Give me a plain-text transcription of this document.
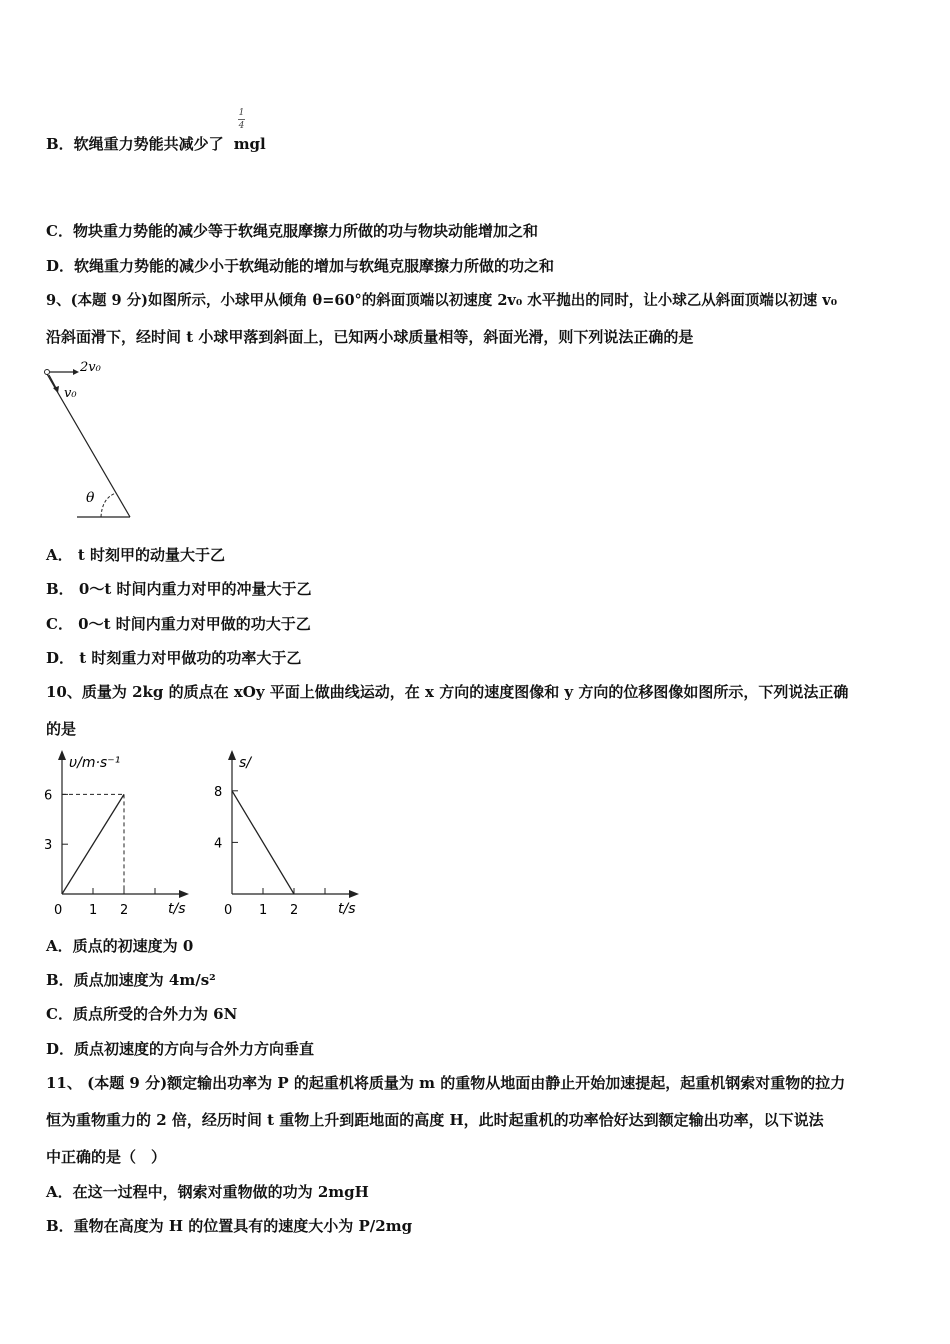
B．软绳重力势能共减少了 mgl
1
4
C．物块重力势能的减少等于软绳克服摩擦力所做的功与物块动能增加之和
D．软绳重力势能的减少小于软绳动能的增加与软绳克服摩擦力所做的功之和
9、(本题 9 分)如图所示，小球甲从倾角 θ=60°的斜面顶端以初速度 2v₀ 水平抛出的同时，让小球乙从斜面顶端以初速 v₀
沿斜面滑下，经时间 t 小球甲落到斜面上，已知两小球质量相等，斜面光滑，则下列说法正确的是
2v₀
v₀
θ
A． t 时刻甲的动量大于乙
B． 0～t 时间内重力对甲的冲量大于乙
C． 0～t 时间内重力对甲做的功大于乙
D． t 时刻重力对甲做功的功率大于乙
10、质量为 2kg 的质点在 xOy 平面上做曲线运动，在 x 方向的速度图像和 y 方向的位移图像如图所示，下列说法正确
的是
υ/m·s⁻¹
t/s
0 1 2
3
6
s/
t/s
0 1 2
4
8
A．质点的初速度为 0
B．质点加速度为 4m/s²
C．质点所受的合外力为 6N
D．质点初速度的方向与合外力方向垂直
11、 (本题 9 分)额定输出功率为 P 的起重机将质量为 m 的重物从地面由静止开始加速提起，起重机钢索对重物的拉力
恒为重物重力的 2 倍，经历时间 t 重物上升到距地面的高度 H，此时起重机的功率恰好达到额定输出功率，以下说法
中正确的是（　）
A．在这一过程中，钢索对重物做的功为 2mgH
B．重物在高度为 H 的位置具有的速度大小为 P/2mg
